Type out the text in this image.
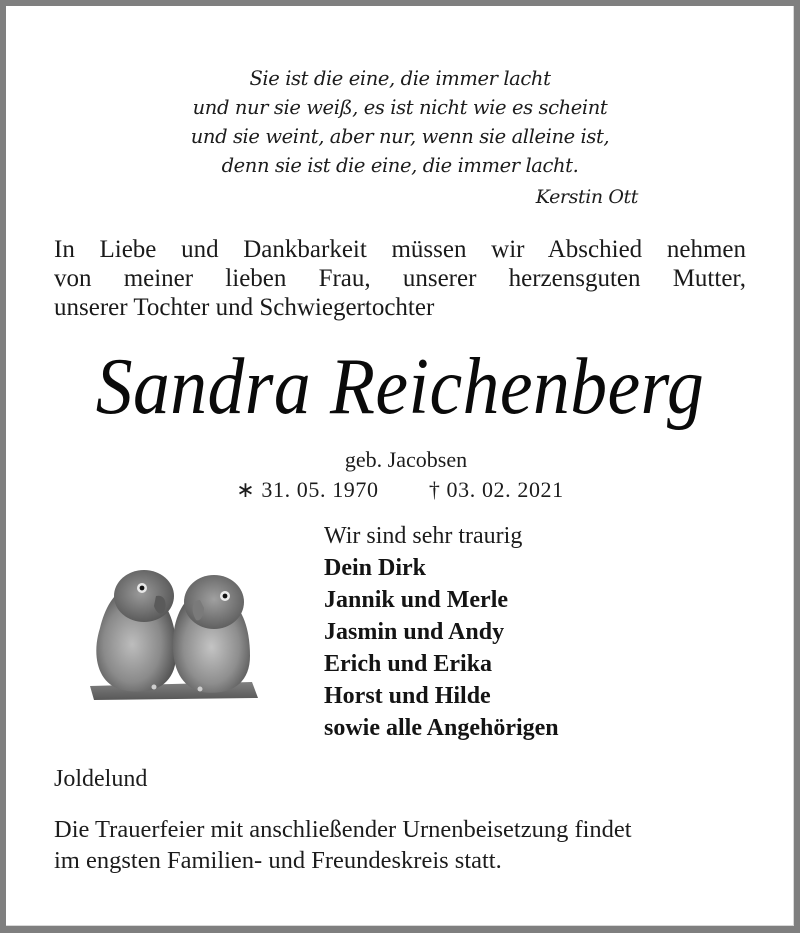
Sie ist die eine, die immer lacht
und nur sie weiß, es ist nicht wie es scheint
und sie weint, aber nur, wenn sie alleine ist,
denn sie ist die eine, die immer lacht.
Kerstin Ott
In Liebe und Dankbarkeit müssen wir Abschied nehmen
von meiner lieben Frau, unserer herzensguten Mutter,
unserer Tochter und Schwiegertochter
Sandra Reichenberg
geb. Jacobsen
∗ 31. 05. 1970 † 03. 02. 2021
Wir sind sehr traurig
Dein Dirk
Jannik und Merle
Jasmin und Andy
Erich und Erika
Horst und Hilde
sowie alle Angehörigen
Joldelund
Die Trauerfeier mit anschließender Urnenbeisetzung findet
im engsten Familien- und Freundeskreis statt.
